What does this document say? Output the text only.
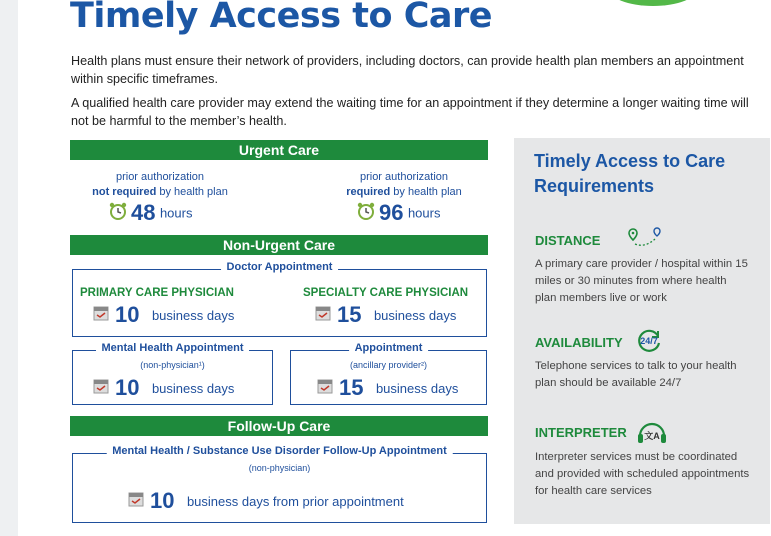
Timely Access to Care

Health plans must ensure their network of providers, including doctors, can provide health plan members an appointment within specific timeframes.

A qualified health care provider may extend the waiting time for an appointment if they determine a longer waiting time will not be harmful to the member’s health.

Urgent Care
prior authorization
not required by health plan
48 hours
prior authorization
required by health plan
96 hours
Non-Urgent Care
Doctor Appointment
PRIMARY CARE PHYSICIAN
10 business days
SPECIALTY CARE PHYSICIAN
15 business days
Mental Health Appointment
(non-physician¹)
10 business days
Appointment
(ancillary provider²)
15 business days
Follow-Up Care
Mental Health / Substance Use Disorder Follow-Up Appointment
(non-physician)
10 business days from prior appointment
Timely Access to Care Requirements
DISTANCE

A primary care provider / hospital within 15 miles or 30 minutes from where health plan members live or work

AVAILABILITY	24/7

Telephone services to talk to your health plan should be available 24/7

INTERPRETER	文A

Interpreter services must be coordinated and provided with scheduled appointments for health care services
